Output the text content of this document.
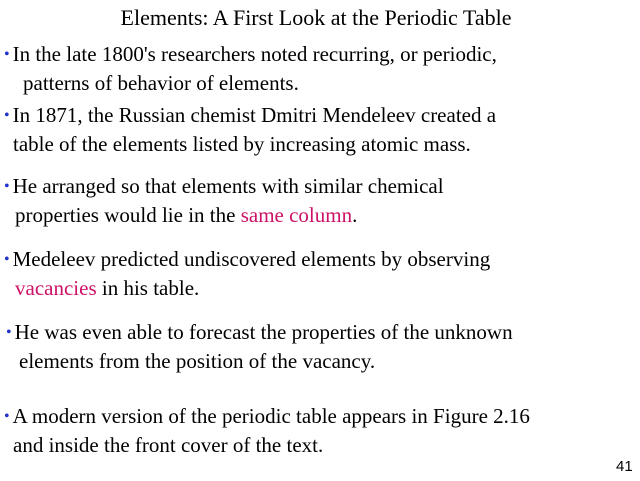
Elements: A First Look at the Periodic Table
• In the late 1800's researchers noted recurring, or periodic,
patterns of behavior of elements.
• In 1871, the Russian chemist Dmitri Mendeleev created a
table of the elements listed by increasing atomic mass.
• He arranged so that elements with similar chemical
properties would lie in the same column.
• Medeleev predicted undiscovered elements by observing
vacancies in his table.
• He was even able to forecast the properties of the unknown
elements from the position of the vacancy.
• A modern version of the periodic table appears in Figure 2.16
and inside the front cover of the text.
41
